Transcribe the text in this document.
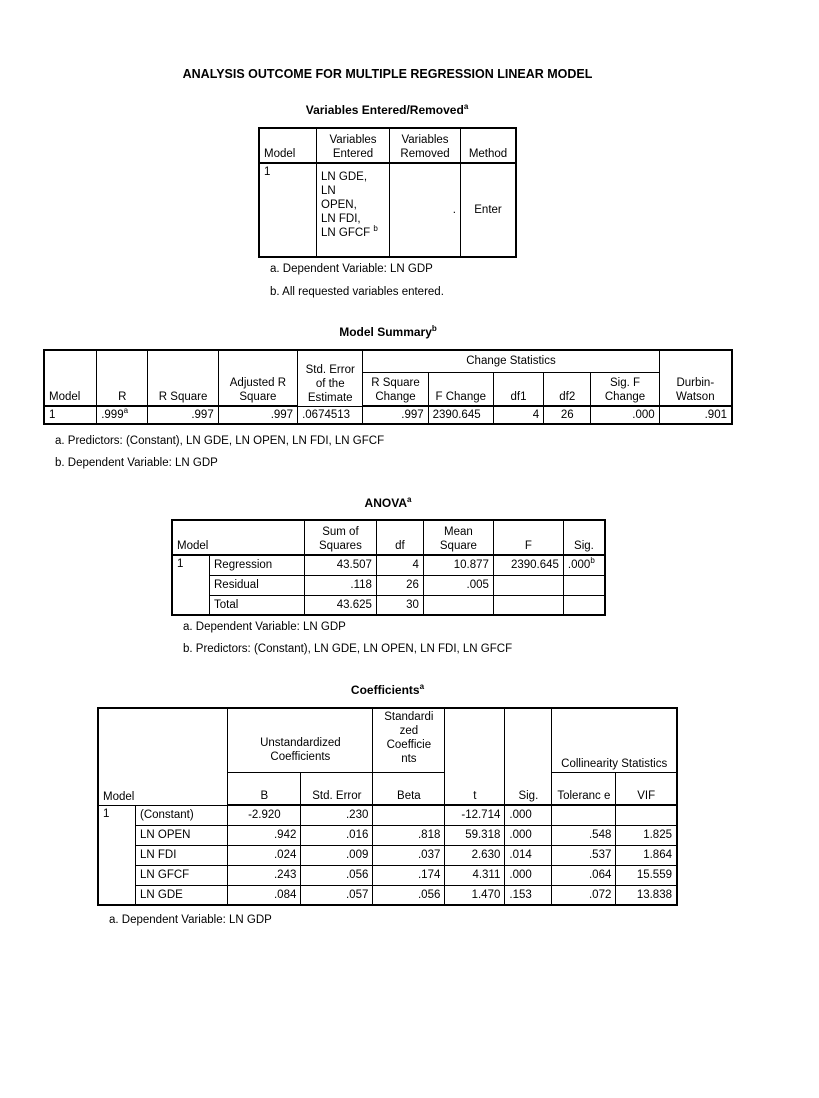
ANALYSIS OUTCOME FOR MULTIPLE REGRESSION LINEAR MODEL
Variables Entered/Removed$^a$
Model	Variables Entered	Variables Removed	Method
1	LN GDE,
LN
OPEN,
LN FDI,
LN GFCF $^b$	.	Enter
a. Dependent Variable: LN GDP
b. All requested variables entered.
Model Summary$^b$
				Std. Error of the Estimate	Change Statistics					
Model	R	R Square	Adjusted R Square		R Square Change	F Change	df1	df2	Sig. F Change	Durbin-Watson
1	.999$^a$	.997	.997	.0674513	.997	2390.645	4	26	.000	.901
a. Predictors: (Constant), LN GDE, LN OPEN, LN FDI, LN GFCF
b. Dependent Variable: LN GDP
ANOVA$^a$
Model		Sum of Squares	df	Mean Square	F	Sig.
1	Regression	43.507	4	10.877	2390.645	.000$^b$
	Residual	.118	26	.005		
	Total	43.625	30			
a. Dependent Variable: LN GDP
b. Predictors: (Constant), LN GDE, LN OPEN, LN FDI, LN GFCF
Coefficients$^a$
Model		Unstandardized Coefficients		Standardi zed Coefficie nts			Collinearity Statistics	
		B	Std. Error	Beta	t	Sig.	Toleranc e	VIF
1	(Constant)	-2.920	.230		-12.714	.000		
	LN OPEN	.942	.016	.818	59.318	.000	.548	1.825
	LN FDI	.024	.009	.037	2.630	.014	.537	1.864
	LN GFCF	.243	.056	.174	4.311	.000	.064	15.559
	LN GDE	.084	.057	.056	1.470	.153	.072	13.838
a. Dependent Variable: LN GDP
